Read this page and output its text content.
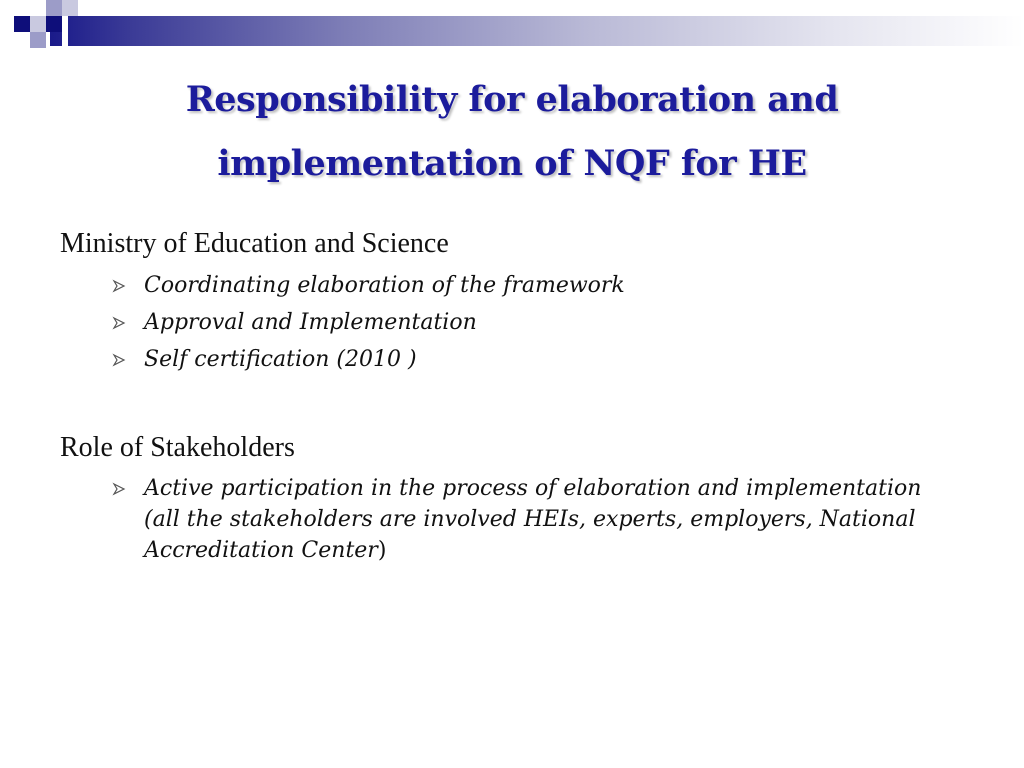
Responsibility for elaboration and
implementation of NQF for HE
Ministry of Education and Science
Coordinating elaboration of the framework
Approval and Implementation
Self certification (2010 )
Role of Stakeholders
Active participation in the process of elaboration and implementation (all the stakeholders are involved HEIs, experts, employers, National Accreditation Center)
